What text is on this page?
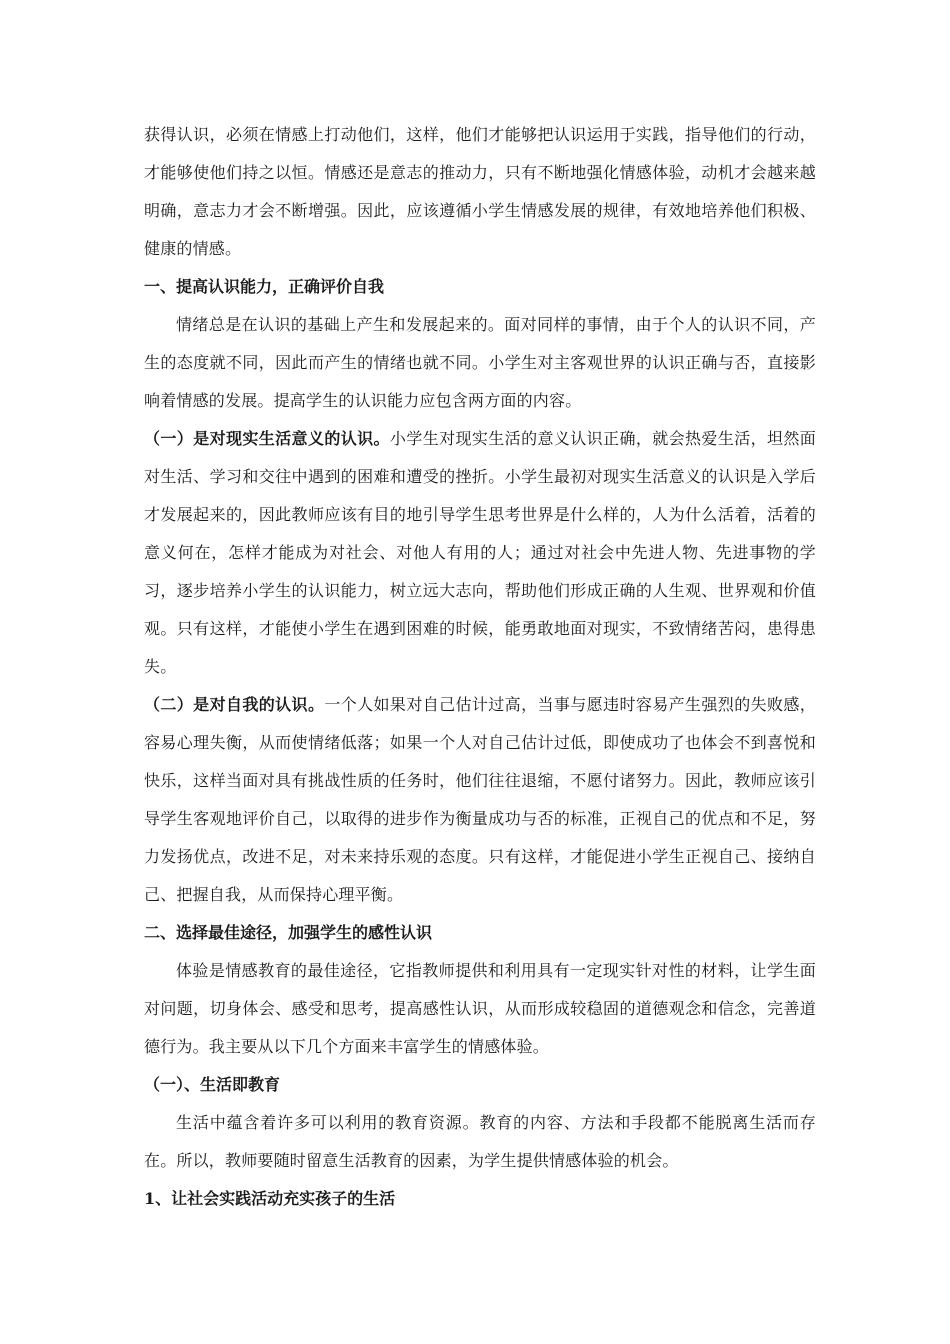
获得认识，必须在情感上打动他们，这样，他们才能够把认识运用于实践，指导他们的行动，才能够使他们持之以恒。情感还是意志的推动力，只有不断地强化情感体验，动机才会越来越明确，意志力才会不断增强。因此，应该遵循小学生情感发展的规律，有效地培养他们积极、健康的情感。

一、提高认识能力，正确评价自我

情绪总是在认识的基础上产生和发展起来的。面对同样的事情，由于个人的认识不同，产生的态度就不同，因此而产生的情绪也就不同。小学生对主客观世界的认识正确与否，直接影响着情感的发展。提高学生的认识能力应包含两方面的内容。

（一）是对现实生活意义的认识。小学生对现实生活的意义认识正确，就会热爱生活，坦然面对生活、学习和交往中遇到的困难和遭受的挫折。小学生最初对现实生活意义的认识是入学后才发展起来的，因此教师应该有目的地引导学生思考世界是什么样的，人为什么活着，活着的意义何在，怎样才能成为对社会、对他人有用的人；通过对社会中先进人物、先进事物的学习，逐步培养小学生的认识能力，树立远大志向，帮助他们形成正确的人生观、世界观和价值观。只有这样，才能使小学生在遇到困难的时候，能勇敢地面对现实，不致情绪苦闷，患得患失。

（二）是对自我的认识。一个人如果对自己估计过高，当事与愿违时容易产生强烈的失败感，容易心理失衡，从而使情绪低落；如果一个人对自己估计过低，即使成功了也体会不到喜悦和快乐，这样当面对具有挑战性质的任务时，他们往往退缩，不愿付诸努力。因此，教师应该引导学生客观地评价自己，以取得的进步作为衡量成功与否的标准，正视自己的优点和不足，努力发扬优点，改进不足，对未来持乐观的态度。只有这样，才能促进小学生正视自己、接纳自己、把握自我，从而保持心理平衡。

二、选择最佳途径，加强学生的感性认识

体验是情感教育的最佳途径，它指教师提供和利用具有一定现实针对性的材料，让学生面对问题，切身体会、感受和思考，提高感性认识，从而形成较稳固的道德观念和信念，完善道德行为。我主要从以下几个方面来丰富学生的情感体验。

（一）、生活即教育

生活中蕴含着许多可以利用的教育资源。教育的内容、方法和手段都不能脱离生活而存在。所以，教师要随时留意生活教育的因素，为学生提供情感体验的机会。

1、让社会实践活动充实孩子的生活
